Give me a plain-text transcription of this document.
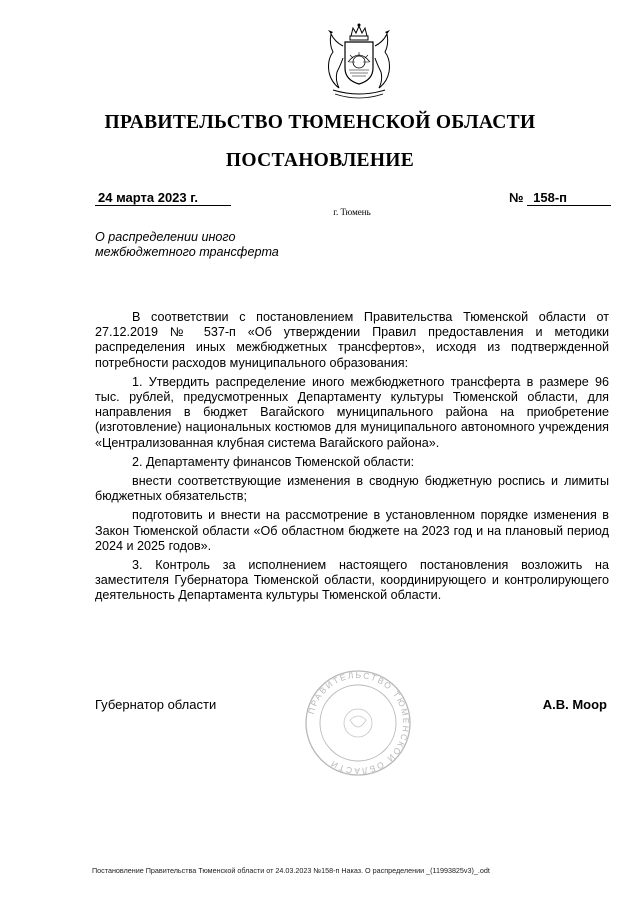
ПРАВИТЕЛЬСТВО ТЮМЕНСКОЙ ОБЛАСТИ
ПОСТАНОВЛЕНИЕ
24 марта 2023 г.	№ 158-п
г. Тюмень
О распределении иного
межбюджетного трансферта

В соответствии с постановлением Правительства Тюменской области от 27.12.2019 № 537-п «Об утверждении Правил предоставления и методики распределения иных межбюджетных трансфертов», исходя из подтвержденной потребности расходов муниципального образования:

1. Утвердить распределение иного межбюджетного трансферта в размере 96 тыс. рублей, предусмотренных Департаменту культуры Тюменской области, для направления в бюджет Вагайского муниципального района на приобретение (изготовление) национальных костюмов для муниципального автономного учреждения «Централизованная клубная система Вагайского района».

2. Департаменту финансов Тюменской области:

внести соответствующие изменения в сводную бюджетную роспись и лимиты бюджетных обязательств;

подготовить и внести на рассмотрение в установленном порядке изменения в Закон Тюменской области «Об областном бюджете на 2023 год и на плановый период 2024 и 2025 годов».

3. Контроль за исполнением настоящего постановления возложить на заместителя Губернатора Тюменской области, координирующего и контролирующего деятельность Департамента культуры Тюменской области.

ПРАВИТЕЛЬСТВО ТЮМЕНСКОЙ ОБЛАСТИ
Губернатор области	А.В. Моор
Постановление Правительства Тюменской области от 24.03.2023 №158-п Наказ. О распределении _(11993825v3)_.odt
